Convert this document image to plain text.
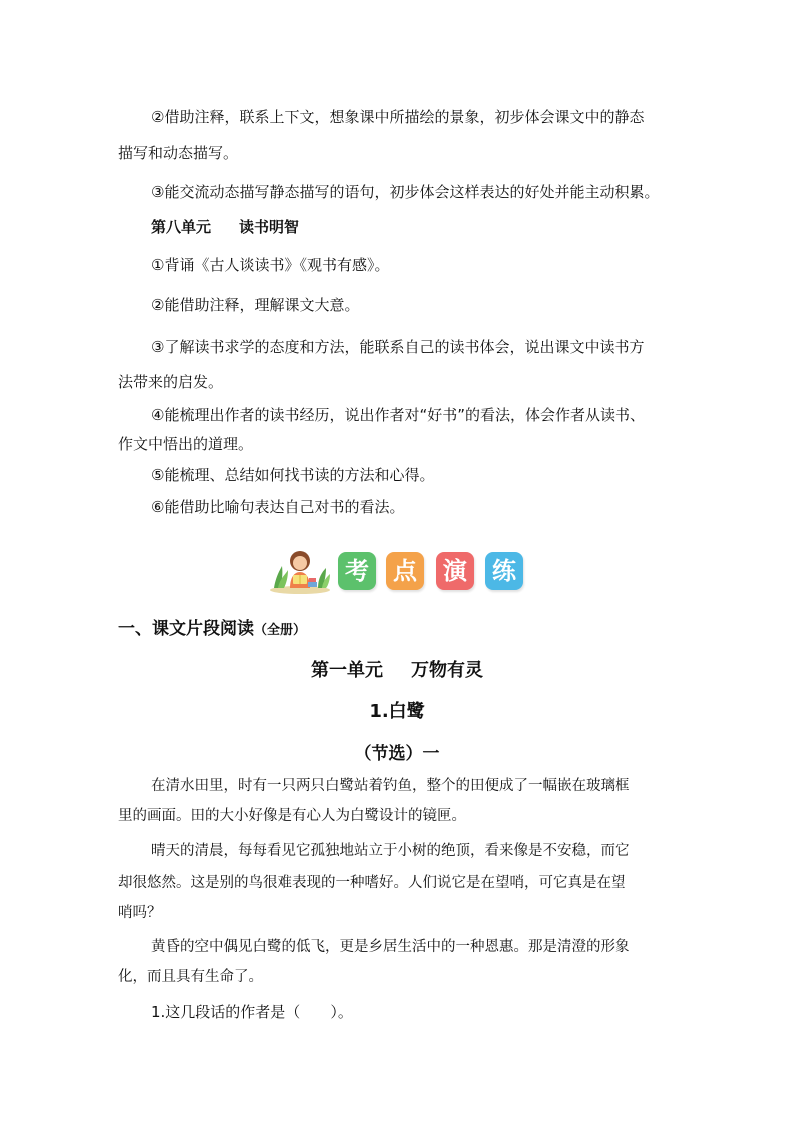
②借助注释，联系上下文，想象课中所描绘的景象，初步体会课文中的静态
描写和动态描写。
③能交流动态描写静态描写的语句，初步体会这样表达的好处并能主动积累。
第八单元 读书明智
①背诵《古人谈读书》《观书有感》。
②能借助注释，理解课文大意。
③了解读书求学的态度和方法，能联系自己的读书体会，说出课文中读书方
法带来的启发。
④能梳理出作者的读书经历，说出作者对“好书”的看法，体会作者从读书、
作文中悟出的道理。
⑤能梳理、总结如何找书读的方法和心得。
⑥能借助比喻句表达自己对书的看法。
考 点 演 练
一、课文片段阅读（全册）
第一单元 万物有灵
1.白鹭
（节选）一
在清水田里，时有一只两只白鹭站着钓鱼，整个的田便成了一幅嵌在玻璃框
里的画面。田的大小好像是有心人为白鹭设计的镜匣。
晴天的清晨，每每看见它孤独地站立于小树的绝顶，看来像是不安稳，而它
却很悠然。这是别的鸟很难表现的一种嗜好。人们说它是在望哨，可它真是在望
哨吗？
黄昏的空中偶见白鹭的低飞，更是乡居生活中的一种恩惠。那是清澄的形象
化，而且具有生命了。
1.这几段话的作者是（　　）。
